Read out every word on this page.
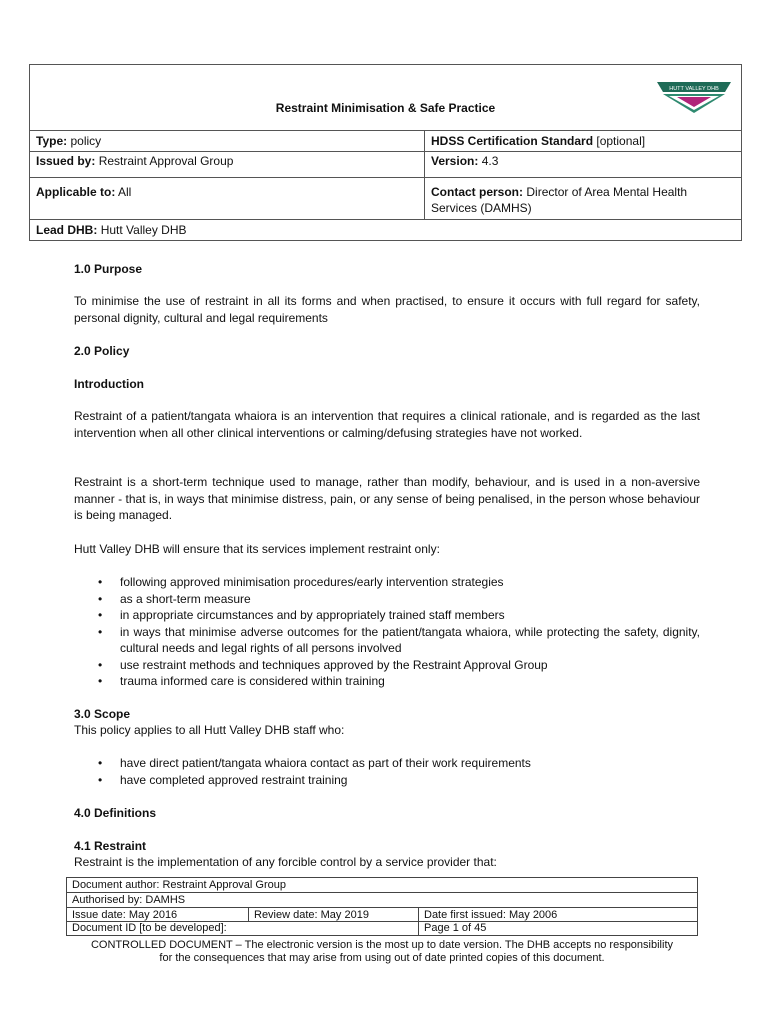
Restraint Minimisation & Safe Practice
HUTT VALLEY DHB
Type: policy	HDSS Certification Standard [optional]
Issued by: Restraint Approval Group	Version: 4.3
Applicable to: All	Contact person: Director of Area Mental Health Services (DAMHS)
Lead DHB: Hutt Valley DHB
1.0 Purpose
To minimise the use of restraint in all its forms and when practised, to ensure it occurs with full regard for safety, personal dignity, cultural and legal requirements
2.0 Policy
Introduction
Restraint of a patient/tangata whaiora is an intervention that requires a clinical rationale, and is regarded as the last intervention when all other clinical interventions or calming/defusing strategies have not worked.
Restraint is a short-term technique used to manage, rather than modify, behaviour, and is used in a non-aversive manner - that is, in ways that minimise distress, pain, or any sense of being penalised, in the person whose behaviour is being managed.
Hutt Valley DHB will ensure that its services implement restraint only:
• following approved minimisation procedures/early intervention strategies
• as a short-term measure
• in appropriate circumstances and by appropriately trained staff members
• in ways that minimise adverse outcomes for the patient/tangata whaiora, while protecting the safety, dignity, cultural needs and legal rights of all persons involved
• use restraint methods and techniques approved by the Restraint Approval Group
• trauma informed care is considered within training
3.0 Scope
This policy applies to all Hutt Valley DHB staff who:
• have direct patient/tangata whaiora contact as part of their work requirements
• have completed approved restraint training
4.0 Definitions
4.1 Restraint
Restraint is the implementation of any forcible control by a service provider that:
Document author: Restraint Approval Group
Authorised by: DAMHS
Issue date: May 2016	Review date: May 2019	Date first issued: May 2006
Document ID [to be developed]:	Page 1 of 45
CONTROLLED DOCUMENT – The electronic version is the most up to date version. The DHB accepts no responsibility
for the consequences that may arise from using out of date printed copies of this document.
